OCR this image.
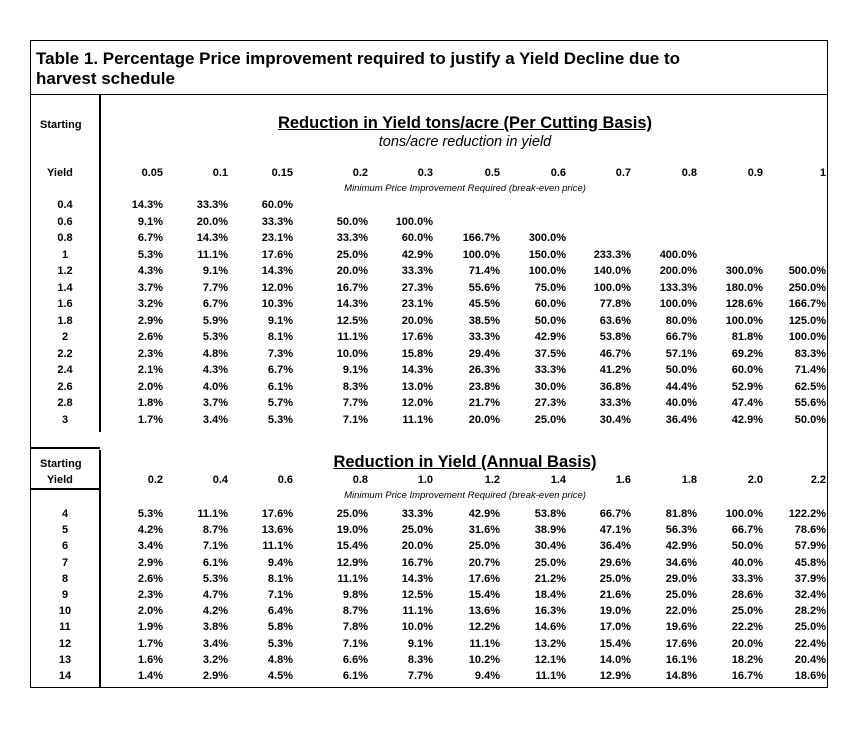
Table 1. Percentage Price improvement required to justify a Yield Decline due to
harvest schedule
Starting
Yield
Reduction in Yield tons/acre (Per Cutting Basis)
tons/acre reduction in yield
Minimum Price Improvement Required (break-even price)
Starting
Yield
Reduction in Yield (Annual Basis)
Minimum Price Improvement Required (break-even price)
0.05	0.1	0.15	0.2	0.3	0.5	0.6	0.7	0.8	0.9	1
0.4	14.3%	33.3%	60.0%
0.6	9.1%	20.0%	33.3%	50.0%	100.0%
0.8	6.7%	14.3%	23.1%	33.3%	60.0%	166.7%	300.0%
1	5.3%	11.1%	17.6%	25.0%	42.9%	100.0%	150.0%	233.3%	400.0%
1.2	4.3%	9.1%	14.3%	20.0%	33.3%	71.4%	100.0%	140.0%	200.0%	300.0%	500.0%
1.4	3.7%	7.7%	12.0%	16.7%	27.3%	55.6%	75.0%	100.0%	133.3%	180.0%	250.0%
1.6	3.2%	6.7%	10.3%	14.3%	23.1%	45.5%	60.0%	77.8%	100.0%	128.6%	166.7%
1.8	2.9%	5.9%	9.1%	12.5%	20.0%	38.5%	50.0%	63.6%	80.0%	100.0%	125.0%
2	2.6%	5.3%	8.1%	11.1%	17.6%	33.3%	42.9%	53.8%	66.7%	81.8%	100.0%
2.2	2.3%	4.8%	7.3%	10.0%	15.8%	29.4%	37.5%	46.7%	57.1%	69.2%	83.3%
2.4	2.1%	4.3%	6.7%	9.1%	14.3%	26.3%	33.3%	41.2%	50.0%	60.0%	71.4%
2.6	2.0%	4.0%	6.1%	8.3%	13.0%	23.8%	30.0%	36.8%	44.4%	52.9%	62.5%
2.8	1.8%	3.7%	5.7%	7.7%	12.0%	21.7%	27.3%	33.3%	40.0%	47.4%	55.6%
3	1.7%	3.4%	5.3%	7.1%	11.1%	20.0%	25.0%	30.4%	36.4%	42.9%	50.0%
0.2	0.4	0.6	0.8	1.0	1.2	1.4	1.6	1.8	2.0	2.2
4	5.3%	11.1%	17.6%	25.0%	33.3%	42.9%	53.8%	66.7%	81.8%	100.0%	122.2%
5	4.2%	8.7%	13.6%	19.0%	25.0%	31.6%	38.9%	47.1%	56.3%	66.7%	78.6%
6	3.4%	7.1%	11.1%	15.4%	20.0%	25.0%	30.4%	36.4%	42.9%	50.0%	57.9%
7	2.9%	6.1%	9.4%	12.9%	16.7%	20.7%	25.0%	29.6%	34.6%	40.0%	45.8%
8	2.6%	5.3%	8.1%	11.1%	14.3%	17.6%	21.2%	25.0%	29.0%	33.3%	37.9%
9	2.3%	4.7%	7.1%	9.8%	12.5%	15.4%	18.4%	21.6%	25.0%	28.6%	32.4%
10	2.0%	4.2%	6.4%	8.7%	11.1%	13.6%	16.3%	19.0%	22.0%	25.0%	28.2%
11	1.9%	3.8%	5.8%	7.8%	10.0%	12.2%	14.6%	17.0%	19.6%	22.2%	25.0%
12	1.7%	3.4%	5.3%	7.1%	9.1%	11.1%	13.2%	15.4%	17.6%	20.0%	22.4%
13	1.6%	3.2%	4.8%	6.6%	8.3%	10.2%	12.1%	14.0%	16.1%	18.2%	20.4%
14	1.4%	2.9%	4.5%	6.1%	7.7%	9.4%	11.1%	12.9%	14.8%	16.7%	18.6%
